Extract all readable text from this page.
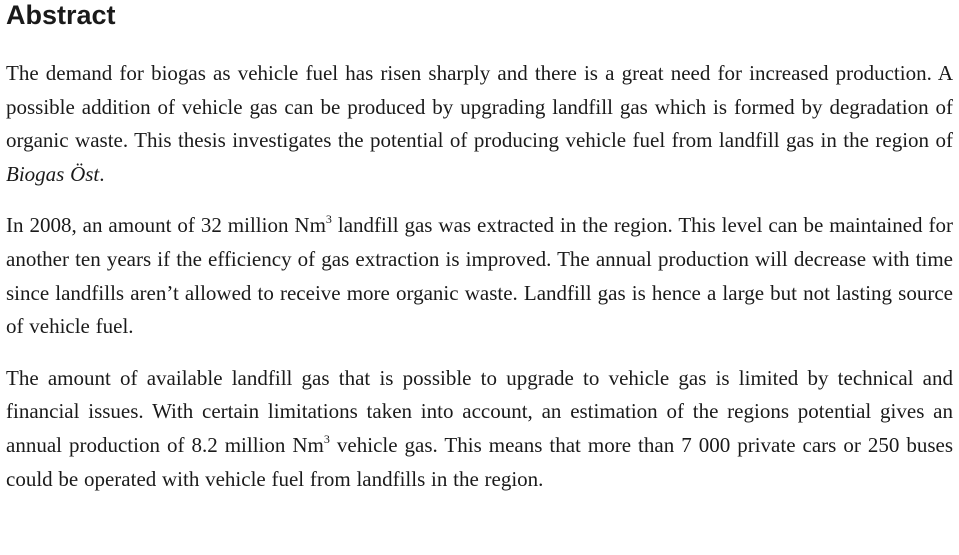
Abstract

The demand for biogas as vehicle fuel has risen sharply and there is a great need for increased production. A possible addition of vehicle gas can be produced by upgrading landfill gas which is formed by degradation of organic waste. This thesis investigates the potential of producing vehicle fuel from landfill gas in the region of Biogas Öst.

In 2008, an amount of 32 million Nm$^3$ landfill gas was extracted in the region. This level can be maintained for another ten years if the efficiency of gas extraction is improved. The annual production will decrease with time since landfills aren’t allowed to receive more organic waste. Landfill gas is hence a large but not lasting source of vehicle fuel.

The amount of available landfill gas that is possible to upgrade to vehicle gas is limited by technical and financial issues. With certain limitations taken into account, an estimation of the regions potential gives an annual production of 8.2 million Nm$^3$ vehicle gas. This means that more than 7 000 private cars or 250 buses could be operated with vehicle fuel from landfills in the region.
